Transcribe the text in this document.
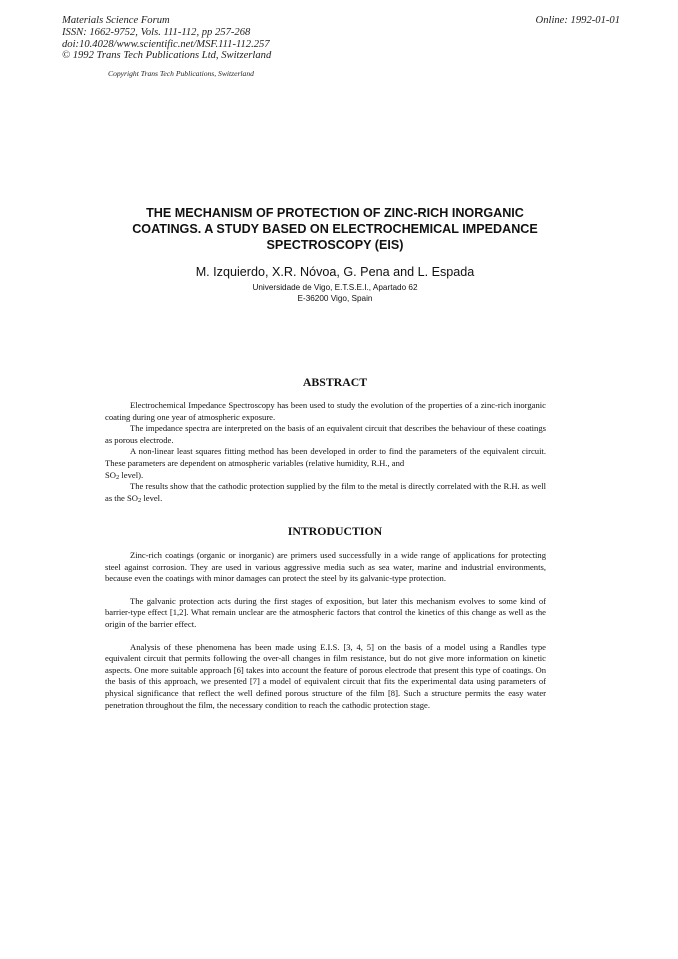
Materials Science Forum
ISSN: 1662-9752, Vols. 111-112, pp 257-268
doi:10.4028/www.scientific.net/MSF.111-112.257
© 1992 Trans Tech Publications Ltd, Switzerland
Online: 1992-01-01
Copyright Trans Tech Publications, Switzerland
THE MECHANISM OF PROTECTION OF ZINC-RICH INORGANIC
COATINGS. A STUDY BASED ON ELECTROCHEMICAL IMPEDANCE
SPECTROSCOPY (EIS)
M. Izquierdo, X.R. Nóvoa, G. Pena and L. Espada
Universidade de Vigo, E.T.S.E.I., Apartado 62
E-36200 Vigo, Spain
ABSTRACT

Electrochemical Impedance Spectroscopy has been used to study the evolution of the properties of a zinc-rich inorganic coating during one year of atmospheric exposure.

The impedance spectra are interpreted on the basis of an equivalent circuit that describes the behaviour of these coatings as porous electrode.

A non-linear least squares fitting method has been developed in order to find the parameters of the equivalent circuit. These parameters are dependent on atmospheric variables (relative humidity, R.H., and
$SO_2$ level).

The results show that the cathodic protection supplied by the film to the metal is directly correlated with the R.H. as well as the $SO_2$ level.

INTRODUCTION

Zinc-rich coatings (organic or inorganic) are primers used successfully in a wide range of applications for protecting steel against corrosion. They are used in various aggressive media such as sea water, marine and industrial environments, because even the coatings with minor damages can protect the steel by its galvanic-type protection.

The galvanic protection acts during the first stages of exposition, but later this mechanism evolves to some kind of barrier-type effect [1,2]. What remain unclear are the atmospheric factors that control the kinetics of this change as well as the origin of the barrier effect.

Analysis of these phenomena has been made using E.I.S. [3, 4, 5] on the basis of a model using a Randles type equivalent circuit that permits following the over-all changes in film resistance, but do not give more information on kinetic aspects. One more suitable approach [6] takes into account the feature of porous electrode that present this type of coatings. On the basis of this approach, we presented [7] a model of equivalent circuit that fits the experimental data using parameters of physical significance that reflect the well defined porous structure of the film [8]. Such a structure permits the easy water penetration throughout the film, the necessary condition to reach the cathodic protection stage.
